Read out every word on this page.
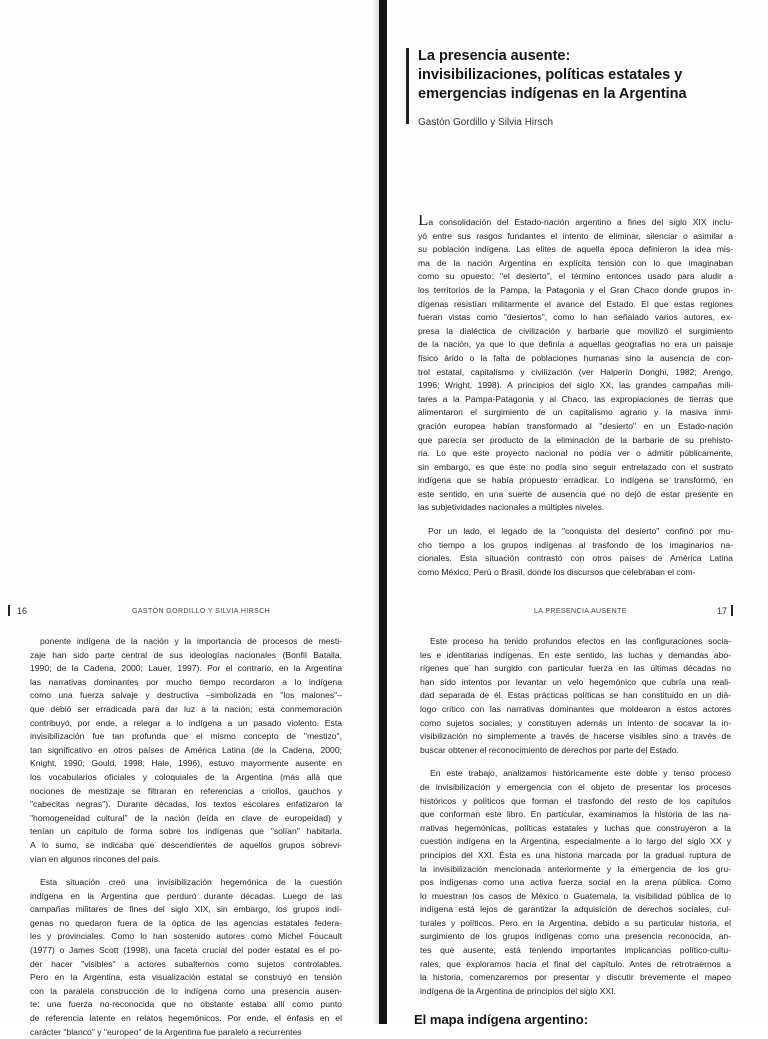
La presencia ausente:
invisibilizaciones, políticas estatales y
emergencias indígenas en la Argentina
Gastón Gordillo y Silvia Hirsch
La consolidación del Estado-nación argentino a fines del siglo XIX inclu-
yó entre sus rasgos fundantes el intento de eliminar, silenciar o asimilar a
su población indígena. Las elites de aquella época definieron la idea mis-
ma de la nación Argentina en explícita tensión con lo que imaginaban
como su opuesto: "el desierto", el término entonces usado para aludir a
los territorios de la Pampa, la Patagonia y el Gran Chaco donde grupos in-
dígenas resistían militarmente el avance del Estado. El que estas regiones
fueran vistas como "desiertos", como lo han señalado varios autores, ex-
presa la dialéctica de civilización y barbarie que movilizó el surgimiento
de la nación, ya que lo que definía a aquellas geografías no era un paisaje
físico árido o la falta de poblaciones humanas sino la ausencia de con-
trol estatal, capitalismo y civilización (ver Halperín Donghi, 1982; Arengo,
1996; Wright, 1998). A principios del siglo XX, las grandes campañas mili-
tares a la Pampa-Patagonia y al Chaco, las expropiaciones de tierras que
alimentaron el surgimiento de un capitalismo agrario y la masiva inmi-
gración europea habían transformado al "desierto" en un Estado-nación
que parecía ser producto de la eliminación de la barbarie de su prehisto-
ria. Lo que este proyecto nacional no podía ver o admitir públicamente,
sin embargo, es que éste no podía sino seguir entrelazado con el sustrato
indígena que se había propuesto erradicar. Lo indígena se transformó, en
este sentido, en una suerte de ausencia que no dejó de estar presente en
las subjetividades nacionales a múltiples niveles.
Por un lado, el legado de la "conquista del desierto" confinó por mu-
cho tiempo a los grupos indígenas al trasfondo de los imaginarios na-
cionales. Esta situación contrastó con otros países de América Latina
como México, Perú o Brasil, donde los discursos que celebraban el com-
16	GASTÓN GORDILLO Y SILVIA HIRSCH	LA PRESENCIA AUSENTE	17
ponente indígena de la nación y la importancia de procesos de mesti-
zaje han sido parte central de sus ideologías nacionales (Bonfil Batalla,
1990; de la Cadena, 2000; Lauer, 1997). Por el contrario, en la Argentina
las narrativas dominantes por mucho tiempo recordaron a lo indígena
como una fuerza salvaje y destructiva –simbolizada en "los malones"–
que debió ser erradicada para dar luz a la nación; esta conmemoración
contribuyó, por ende, a relegar a lo indígena a un pasado violento. Esta
invisibilización fue tan profunda que el mismo concepto de "mestizo",
tan significativo en otros países de América Latina (de la Cadena, 2000;
Knight, 1990; Gould, 1998; Hale, 1996), estuvo mayormente ausente en
los vocabularios oficiales y coloquiales de la Argentina (más allá que
nociones de mestizaje se filtraran en referencias a criollos, gauchos y
"cabecitas negras"). Durante décadas, los textos escolares enfatizaron la
"homogeneidad cultural" de la nación (leída en clave de europeidad) y
tenían un capítulo de forma sobre los indígenas que "solían" habitarla.
A lo sumo, se indicaba que descendientes de aquellos grupos sobrevi-
vían en algunos rincones del país.
Esta situación creó una invisibilización hegemónica de la cuestión
indígena en la Argentina que perduró durante décadas. Luego de las
campañas militares de fines del siglo XIX, sin embargo, los grupos indí-
genas no quedaron fuera de la óptica de las agencias estatales federa-
les y provinciales. Como lo han sostenido autores como Michel Foucault
(1977) o James Scott (1998), una faceta crucial del poder estatal es el po-
der hacer "visibles" a actores subalternos como sujetos controlables.
Pero en la Argentina, esta visualización estatal se construyó en tensión
con la paralela construcción de lo indígena como una presencia ausen-
te: una fuerza no-reconocida que no obstante estaba allí como punto
de referencia latente en relatos hegemónicos. Por ende, el énfasis en el
carácter "blanco" y "europeo" de la Argentina fue paralelo a recurrentes
Este proceso ha tenido profundos efectos en las configuraciones socia-
les e identitarias indígenas. En este sentido, las luchas y demandas abo-
rígenes que han surgido con particular fuerza en las últimas décadas no
han sido intentos por levantar un velo hegemónico que cubría una reali-
dad separada de él. Estas prácticas políticas se han constituido en un diá-
logo crítico con las narrativas dominantes que moldearon a estos actores
como sujetos sociales; y constituyen además un intento de socavar la in-
visibilización no simplemente a través de hacerse visibles sino a través de
buscar obtener el reconocimiento de derechos por parte del Estado.
En este trabajo, analizamos históricamente este doble y tenso proceso
de invisibilización y emergencia con el objeto de presentar los procesos
históricos y políticos que forman el trasfondo del resto de los capítulos
que conforman este libro. En particular, examinamos la historia de las na-
rrativas hegemónicas, políticas estatales y luchas que construyeron a la
cuestión indígena en la Argentina, especialmente a lo largo del siglo XX y
principios del XXI. Ésta es una historia marcada por la gradual ruptura de
la invisibilización mencionada anteriormente y la emergencia de los gru-
pos indígenas como una activa fuerza social en la arena pública. Como
lo muestran los casos de México o Guatemala, la visibilidad pública de lo
indígena está lejos de garantizar la adquisición de derechos sociales, cul-
turales y políticos. Pero en la Argentina, debido a su particular historia, el
surgimiento de los grupos indígenas como una presencia reconocida, an-
tes que ausente, está teniendo importantes implicancias político-cultu-
rales, que exploramos hacia el final del capítulo. Antes de retrotraernos a
la historia, comenzaremos por presentar y discutir brevemente el mapeo
indígena de la Argentina de principios del siglo XXI.
El mapa indígena argentino:
